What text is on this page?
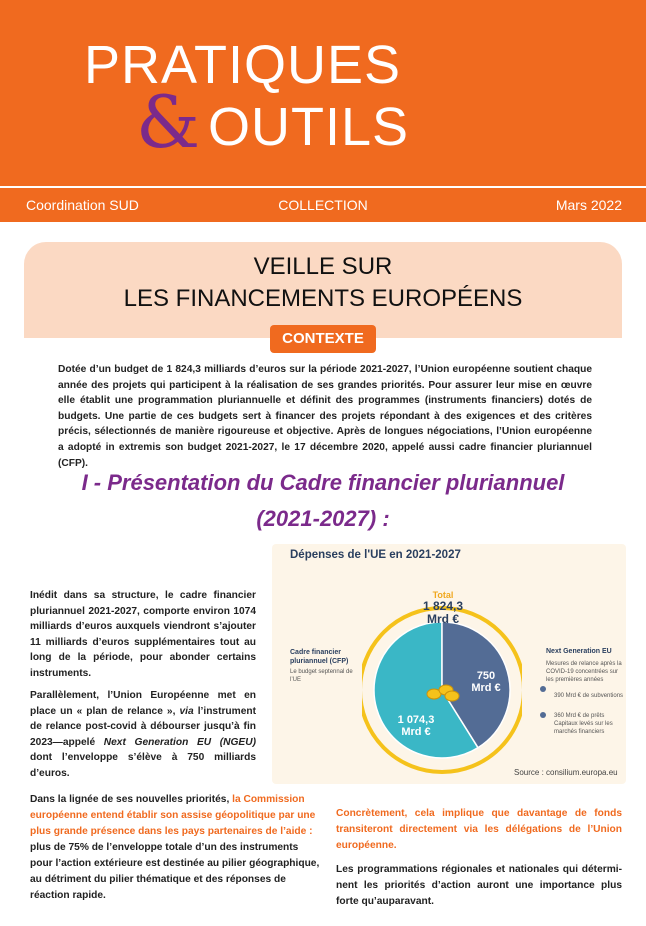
PRATIQUES
& OUTILS
COLLECTION
Coordination SUD	Mars 2022
VEILLE SUR
LES FINANCEMENTS EUROPÉENS
CONTEXTE

Dotée d’un budget de 1 824,3 milliards d’euros sur la période 2021-2027, l’Union européenne soutient chaque année des projets qui participent à la réalisation de ses grandes priorités. Pour assurer leur mise en œuvre elle établit une programmation pluriannuelle et définit des programmes (instruments financiers) dotés de budgets. Une partie de ces budgets sert à financer des projets répondant à des exigences et des critères précis, sélectionnés de manière rigoureuse et objective. Après de longues négociations, l’Union européenne a adopté in extremis son budget 2021-2027, le 17 décembre 2020, appelé aussi cadre financier pluriannuel (CFP).

I - Présentation du Cadre financier pluriannuel
(2021-2027) :

Inédit dans sa structure, le cadre financier pluriannuel 2021-2027, comporte environ 1074 milliards d’euros auxquels viendront s’ajouter 11 milliards d’euros supplémentaires tout au long de la période, pour abonder certains instruments.

Parallèlement, l’Union Européenne met en place un « plan de relance », via l’instrument de relance post-covid à débourser jusqu’à fin 2023—appelé Next Generation EU (NGEU) dont l’enveloppe s’élève à 750 milliards d’euros.

Dépenses de l'UE en 2021-2027
Total
1 824,3
Mrd €
Cadre financier pluriannuel (CFP)
Le budget septennal de l’UE
Next Generation EU
Mesures de relance après la COVID-19 concentrées sur les premières années
390 Mrd € de subventions
360 Mrd € de prêts Capitaux levés sur les marchés financiers
750
Mrd €
1 074,3
Mrd €
Source : consilium.europa.eu

Dans la lignée de ses nouvelles priorités, la Commission européenne entend établir son assise géopolitique par une plus grande présence dans les pays partenaires de l’aide : plus de 75% de l’enveloppe totale d’un des instruments pour l’action extérieure est destinée au pilier géographique, au détriment du pilier thématique et des réponses de réaction rapide.

Concrètement, cela implique que davantage de fonds transiteront directement via les délégations de l’Union européenne.

Les programmations régionales et nationales qui déterminent les priorités d’action auront une importance plus forte qu’auparavant.
